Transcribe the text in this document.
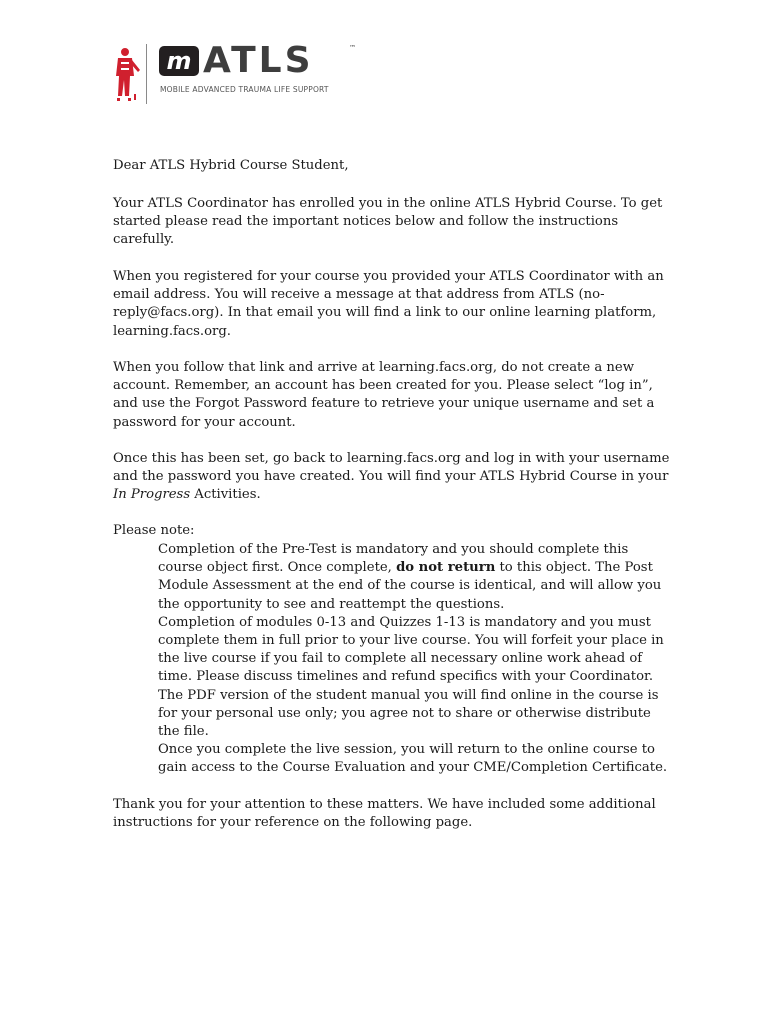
m ATLS	™
MOBILE ADVANCED TRAUMA LIFE SUPPORT

Dear ATLS Hybrid Course Student,

Your ATLS Coordinator has enrolled you in the online ATLS Hybrid Course. To get started please read the important notices below and follow the instructions carefully.

When you registered for your course you provided your ATLS Coordinator with an email address. You will receive a message at that address from ATLS (no-reply@facs.org). In that email you will find a link to our online learning platform, learning.facs.org.

When you follow that link and arrive at learning.facs.org, do not create a new account. Remember, an account has been created for you. Please select “log in”, and use the Forgot Password feature to retrieve your unique username and set a password for your account.

Once this has been set, go back to learning.facs.org and log in with your username and the password you have created. You will find your ATLS Hybrid Course in your In Progress Activities.

Please note:

Completion of the Pre-Test is mandatory and you should complete this course object first. Once complete, do not return to this object. The Post Module Assessment at the end of the course is identical, and will allow you the opportunity to see and reattempt the questions.

Completion of modules 0-13 and Quizzes 1-13 is mandatory and you must complete them in full prior to your live course. You will forfeit your place in the live course if you fail to complete all necessary online work ahead of time. Please discuss timelines and refund specifics with your Coordinator.

The PDF version of the student manual you will find online in the course is for your personal use only; you agree not to share or otherwise distribute the file.

Once you complete the live session, you will return to the online course to gain access to the Course Evaluation and your CME/Completion Certificate.

Thank you for your attention to these matters. We have included some additional instructions for your reference on the following page.
